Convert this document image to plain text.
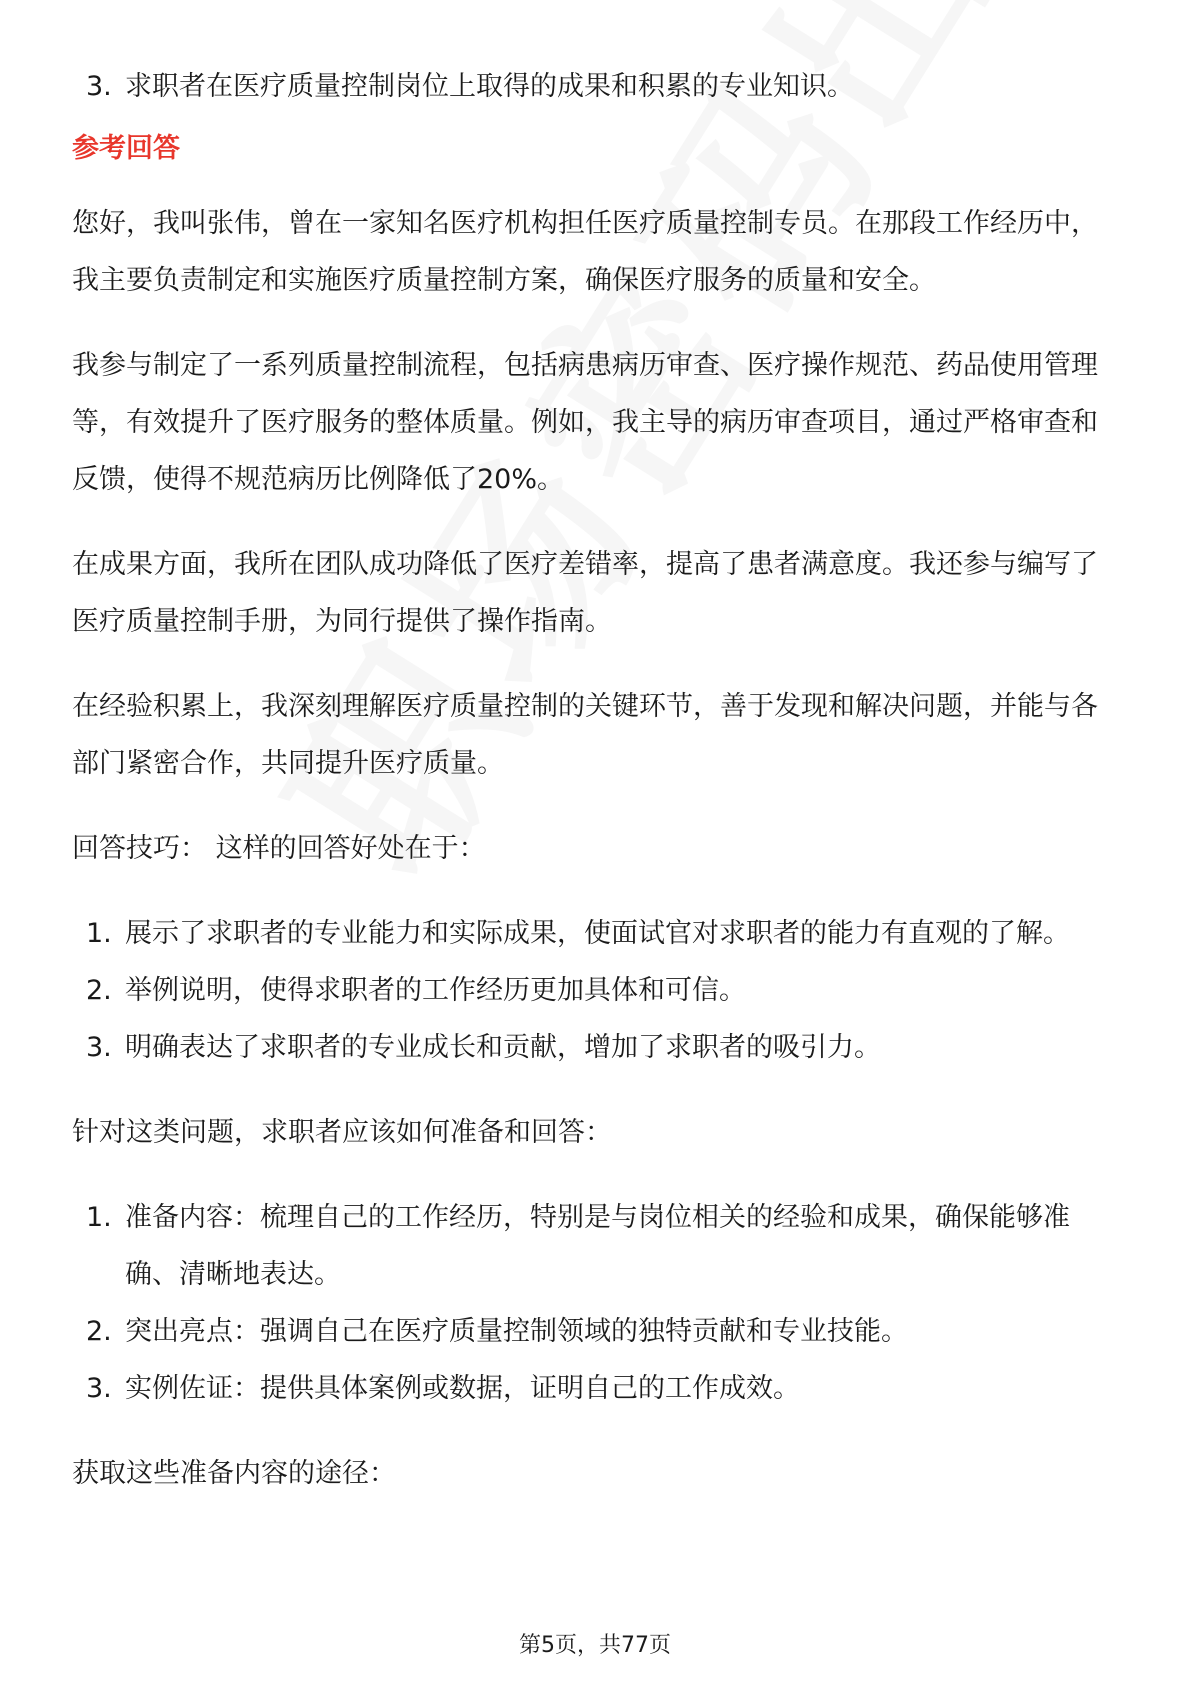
3. 求职者在医疗质量控制岗位上取得的成果和积累的专业知识。
参考回答

您好，我叫张伟，曾在一家知名医疗机构担任医疗质量控制专员。在那段工作经历中，我主要负责制定和实施医疗质量控制方案，确保医疗服务的质量和安全。

我参与制定了一系列质量控制流程，包括病患病历审查、医疗操作规范、药品使用管理等，有效提升了医疗服务的整体质量。例如，我主导的病历审查项目，通过严格审查和反馈，使得不规范病历比例降低了20%。

在成果方面，我所在团队成功降低了医疗差错率，提高了患者满意度。我还参与编写了医疗质量控制手册，为同行提供了操作指南。

在经验积累上，我深刻理解医疗质量控制的关键环节，善于发现和解决问题，并能与各部门紧密合作，共同提升医疗质量。

回答技巧： 这样的回答好处在于：

1. 展示了求职者的专业能力和实际成果，使面试官对求职者的能力有直观的了解。
2. 举例说明，使得求职者的工作经历更加具体和可信。
3. 明确表达了求职者的专业成长和贡献，增加了求职者的吸引力。

针对这类问题，求职者应该如何准备和回答：

1. 准备内容：梳理自己的工作经历，特别是与岗位相关的经验和成果，确保能够准确、清晰地表达。
2. 突出亮点：强调自己在医疗质量控制领域的独特贡献和专业技能。
3. 实例佐证：提供具体案例或数据，证明自己的工作成效。

获取这些准备内容的途径：

第5页，共77页
